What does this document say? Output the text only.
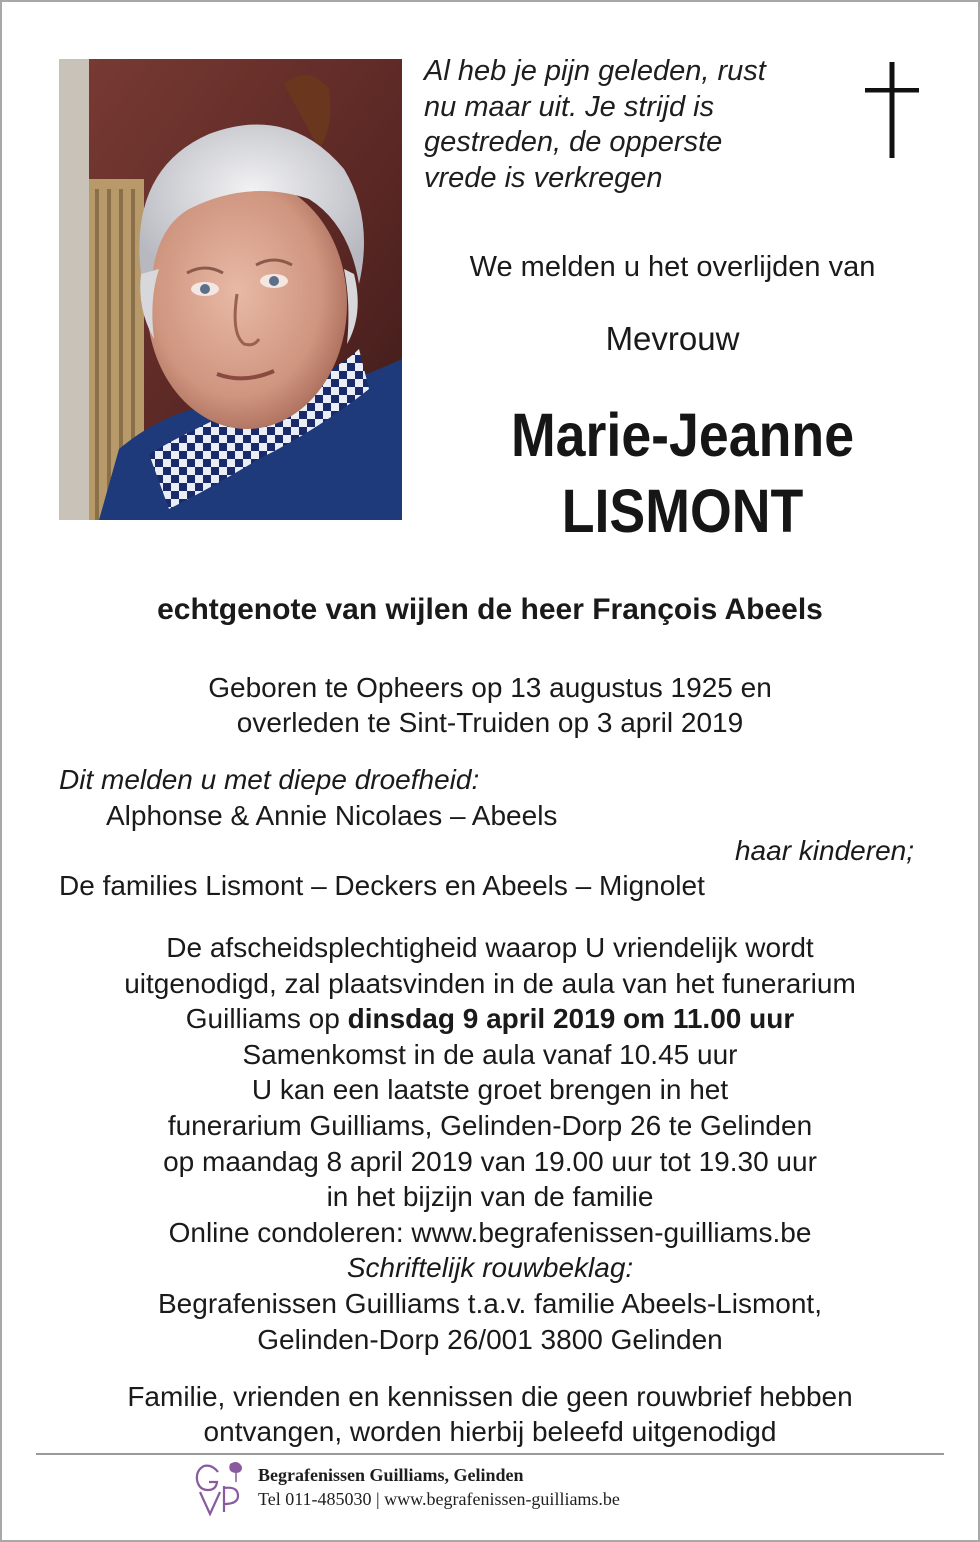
Al heb je pijn geleden, rust
nu maar uit. Je strijd is
gestreden, de opperste
vrede is verkregen
We melden u het overlijden van
Mevrouw
Marie-Jeanne
LISMONT
echtgenote van wijlen de heer François Abeels
Geboren te Opheers op 13 augustus 1925 en
overleden te Sint-Truiden op 3 april 2019
Dit melden u met diepe droefheid:
Alphonse & Annie Nicolaes – Abeels
haar kinderen;
De families Lismont – Deckers en Abeels – Mignolet
De afscheidsplechtigheid waarop U vriendelijk wordt
uitgenodigd, zal plaatsvinden in de aula van het funerarium
Guilliams op dinsdag 9 april 2019 om 11.00 uur
Samenkomst in de aula vanaf 10.45 uur
U kan een laatste groet brengen in het
funerarium Guilliams, Gelinden-Dorp 26 te Gelinden
op maandag 8 april 2019 van 19.00 uur tot 19.30 uur
in het bijzijn van de familie
Online condoleren: www.begrafenissen-guilliams.be
Schriftelijk rouwbeklag:
Begrafenissen Guilliams t.a.v. familie Abeels-Lismont,
Gelinden-Dorp 26/001 3800 Gelinden
Familie, vrienden en kennissen die geen rouwbrief hebben
ontvangen, worden hierbij beleefd uitgenodigd
Begrafenissen Guilliams, Gelinden
Tel 011-485030 | www.begrafenissen-guilliams.be
